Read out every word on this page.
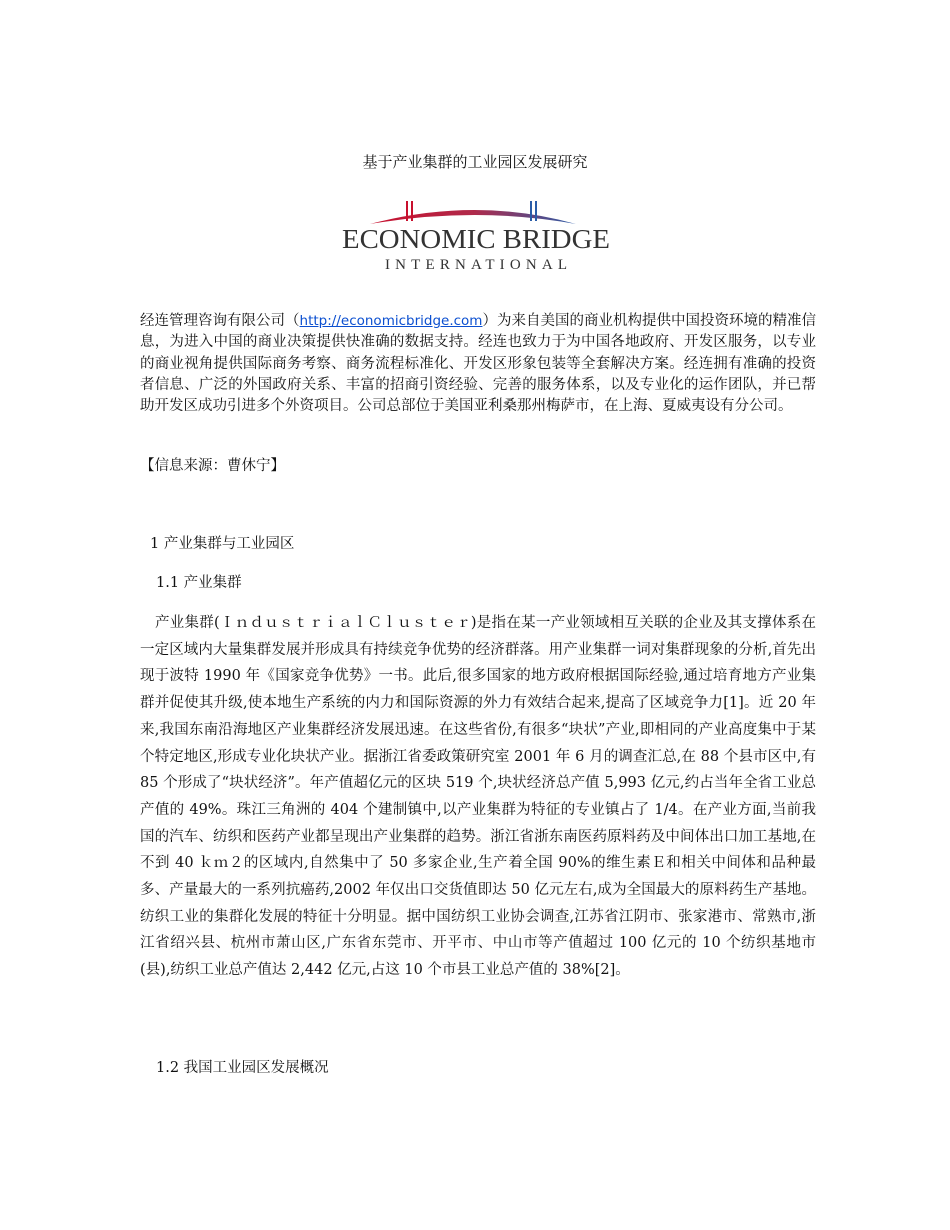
基于产业集群的工业园区发展研究
ECONOMIC BRIDGE
INTERNATIONAL
经连管理咨询有限公司（http://economicbridge.com）为来自美国的商业机构提供中国投资环境的精准信息，为进入中国的商业决策提供快准确的数据支持。经连也致力于为中国各地政府、开发区服务，以专业的商业视角提供国际商务考察、商务流程标准化、开发区形象包装等全套解决方案。经连拥有准确的投资者信息、广泛的外国政府关系、丰富的招商引资经验、完善的服务体系，以及专业化的运作团队，并已帮助开发区成功引进多个外资项目。公司总部位于美国亚利桑那州梅萨市，在上海、夏威夷设有分公司。
【信息来源：曹休宁】
1 产业集群与工业园区
1.1 产业集群
产业集群(ＩｎｄｕｓｔｒｉａｌＣｌｕｓｔｅｒ)是指在某一产业领域相互关联的企业及其支撑体系在一定区域内大量集群发展并形成具有持续竞争优势的经济群落。用产业集群一词对集群现象的分析,首先出现于波特 1990 年《国家竞争优势》一书。此后,很多国家的地方政府根据国际经验,通过培育地方产业集群并促使其升级,使本地生产系统的内力和国际资源的外力有效结合起来,提高了区域竞争力[1]。近 20 年来,我国东南沿海地区产业集群经济发展迅速。在这些省份,有很多“块状”产业,即相同的产业高度集中于某个特定地区,形成专业化块状产业。据浙江省委政策研究室 2001 年 6 月的调查汇总,在 88 个县市区中,有 85 个形成了“块状经济”。年产值超亿元的区块 519 个,块状经济总产值 5,993 亿元,约占当年全省工业总产值的 49%。珠江三角洲的 404 个建制镇中,以产业集群为特征的专业镇占了 1/4。在产业方面,当前我国的汽车、纺织和医药产业都呈现出产业集群的趋势。浙江省浙东南医药原料药及中间体出口加工基地,在不到 40 ｋｍ２的区域内,自然集中了 50 多家企业,生产着全国 90%的维生素Ｅ和相关中间体和品种最多、产量最大的一系列抗癌药,2002 年仅出口交货值即达 50 亿元左右,成为全国最大的原料药生产基地。纺织工业的集群化发展的特征十分明显。据中国纺织工业协会调查,江苏省江阴市、张家港市、常熟市,浙江省绍兴县、杭州市萧山区,广东省东莞市、开平市、中山市等产值超过 100 亿元的 10 个纺织基地市(县),纺织工业总产值达 2,442 亿元,占这 10 个市县工业总产值的 38%[2]。
1.2 我国工业园区发展概况
